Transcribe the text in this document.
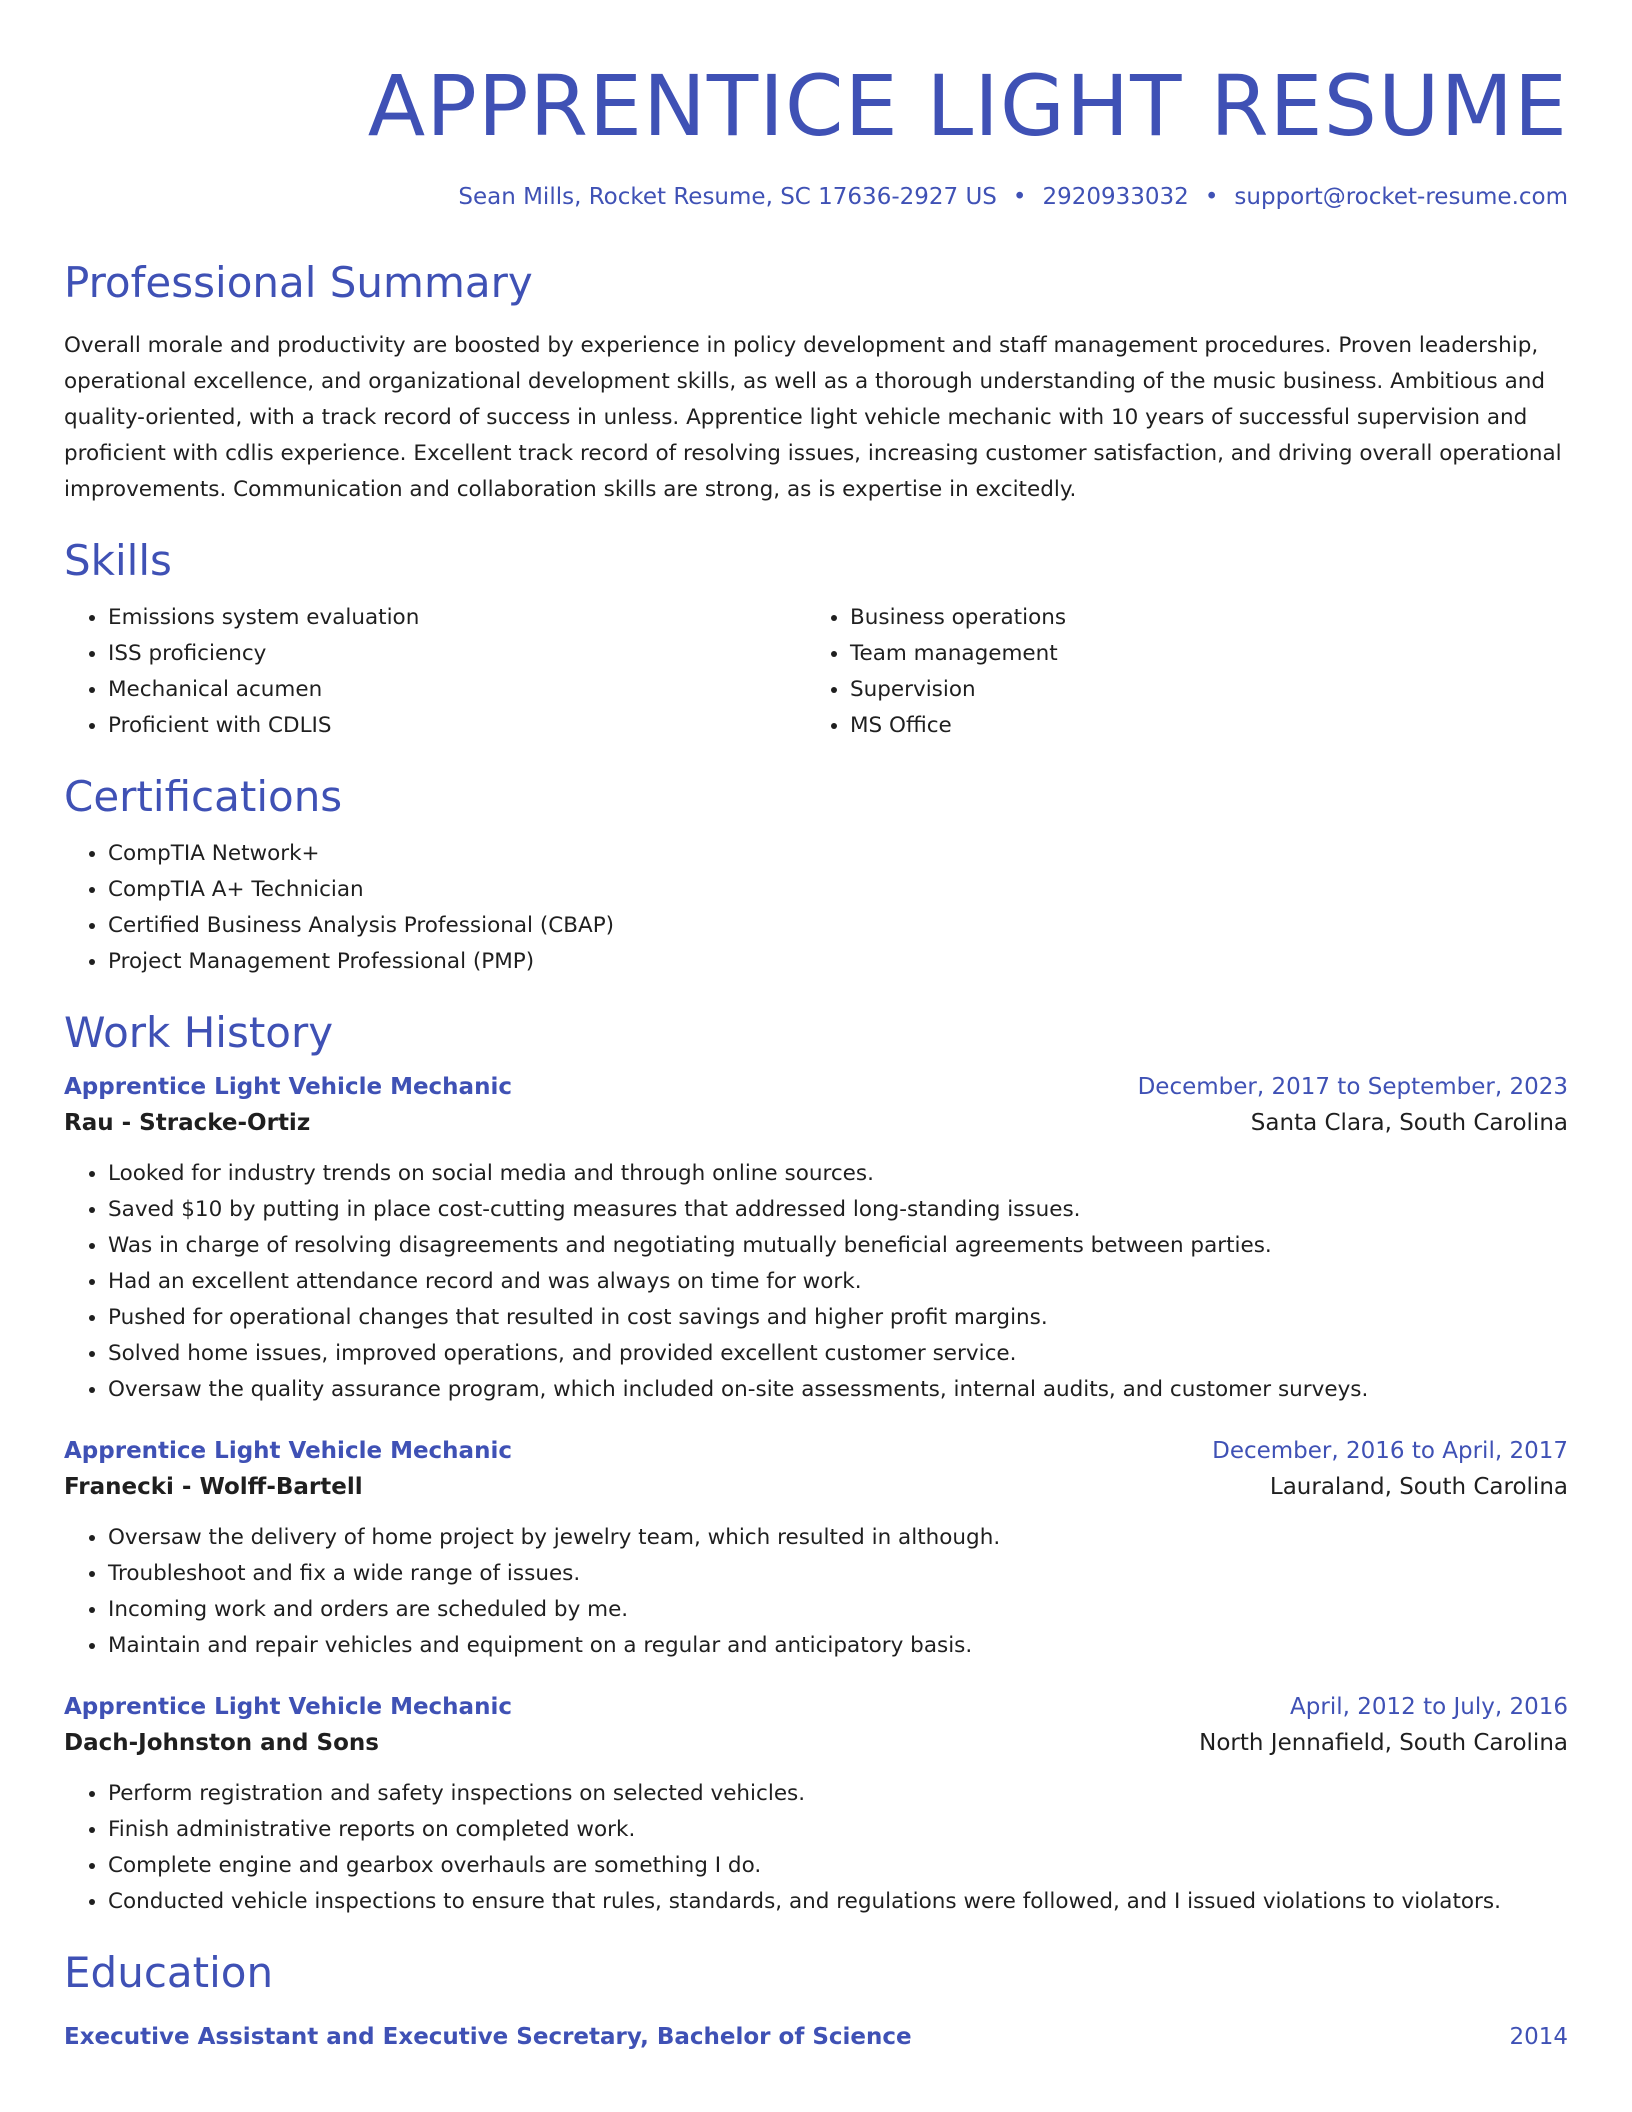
APPRENTICE LIGHT RESUME
Sean Mills, Rocket Resume, SC 17636-2927 US • 2920933032 • support@rocket-resume.com
Professional Summary

Overall morale and productivity are boosted by experience in policy development and staff management procedures. Proven leadership, operational excellence, and organizational development skills, as well as a thorough understanding of the music business. Ambitious and quality-oriented, with a track record of success in unless. Apprentice light vehicle mechanic with 10 years of successful supervision and proficient with cdlis experience. Excellent track record of resolving issues, increasing customer satisfaction, and driving overall operational improvements. Communication and collaboration skills are strong, as is expertise in excitedly.

Skills
• Emissions system evaluation
• ISS proficiency
• Mechanical acumen
• Proficient with CDLIS
• Business operations
• Team management
• Supervision
• MS Office
Certifications
• CompTIA Network+
• CompTIA A+ Technician
• Certified Business Analysis Professional (CBAP)
• Project Management Professional (PMP)
Work History
Apprentice Light Vehicle Mechanic	December, 2017 to September, 2023
Rau - Stracke-Ortiz	Santa Clara, South Carolina
• Looked for industry trends on social media and through online sources.
• Saved $10 by putting in place cost-cutting measures that addressed long-standing issues.
• Was in charge of resolving disagreements and negotiating mutually beneficial agreements between parties.
• Had an excellent attendance record and was always on time for work.
• Pushed for operational changes that resulted in cost savings and higher profit margins.
• Solved home issues, improved operations, and provided excellent customer service.
• Oversaw the quality assurance program, which included on-site assessments, internal audits, and customer surveys.
Apprentice Light Vehicle Mechanic	December, 2016 to April, 2017
Franecki - Wolff-Bartell	Lauraland, South Carolina
• Oversaw the delivery of home project by jewelry team, which resulted in although.
• Troubleshoot and fix a wide range of issues.
• Incoming work and orders are scheduled by me.
• Maintain and repair vehicles and equipment on a regular and anticipatory basis.
Apprentice Light Vehicle Mechanic	April, 2012 to July, 2016
Dach-Johnston and Sons	North Jennafield, South Carolina
• Perform registration and safety inspections on selected vehicles.
• Finish administrative reports on completed work.
• Complete engine and gearbox overhauls are something I do.
• Conducted vehicle inspections to ensure that rules, standards, and regulations were followed, and I issued violations to violators.
Education
Executive Assistant and Executive Secretary, Bachelor of Science	2014
